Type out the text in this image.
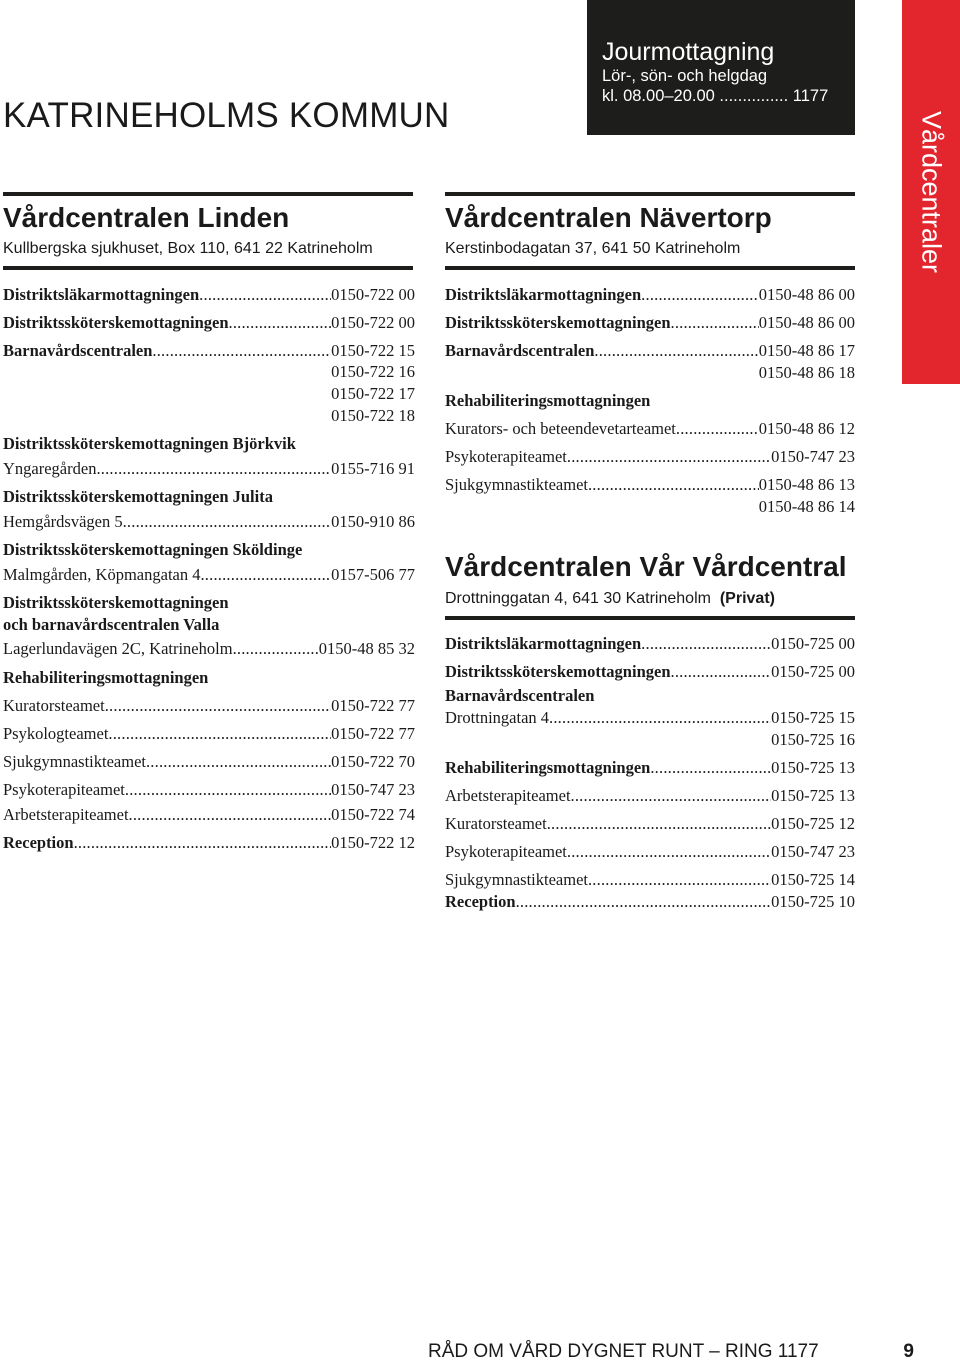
KATRINEHOLMS KOMMUN
Jourmottagning
Lör-, sön- och helgdag
kl. 08.00–20.00 ............... 1177
Vårdcentraler
Vårdcentralen Linden
Kullbergska sjukhuset, Box 110, 641 22 Katrineholm
Distriktsläkarmottagningen .....	0150-722 00
Distriktssköterskemottagningen .....	0150-722 00
Barnavårdscentralen .....	0150-722 15
0150-722 16
0150-722 17
0150-722 18
Distriktssköterskemottagningen Björkvik
Yngaregården .....	0155-716 91
Distriktssköterskemottagningen Julita
Hemgårdsvägen 5 .....	0150-910 86
Distriktssköterskemottagningen Sköldinge
Malmgården, Köpmangatan 4 .....	0157-506 77
Distriktssköterskemottagningen
och barnavårdscentralen Valla
Lagerlundavägen 2C, Katrineholm .....	0150-48 85 32
Rehabiliteringsmottagningen
Kuratorsteamet .....	0150-722 77
Psykologteamet .....	0150-722 77
Sjukgymnastikteamet .....	0150-722 70
Psykoterapiteamet .....	0150-747 23
Arbetsterapiteamet .....	0150-722 74
Reception .....	0150-722 12
Vårdcentralen Nävertorp
Kerstinbodagatan 37, 641 50 Katrineholm
Distriktsläkarmottagningen .....	0150-48 86 00
Distriktssköterskemottagningen .....	0150-48 86 00
Barnavårdscentralen .....	0150-48 86 17
0150-48 86 18
Rehabiliteringsmottagningen
Kurators- och beteendevetarteamet .....	0150-48 86 12
Psykoterapiteamet .....	0150-747 23
Sjukgymnastikteamet .....	0150-48 86 13
0150-48 86 14
Vårdcentralen Vår Vårdcentral
Drottninggatan 4, 641 30 Katrineholm (Privat)
Distriktsläkarmottagningen .....	0150-725 00
Distriktssköterskemottagningen .....	0150-725 00
Barnavårdscentralen
Drottningatan 4 .....	0150-725 15
0150-725 16
Rehabiliteringsmottagningen .....	0150-725 13
Arbetsterapiteamet .....	0150-725 13
Kuratorsteamet .....	0150-725 12
Psykoterapiteamet .....	0150-747 23
Sjukgymnastikteamet .....	0150-725 14
Reception .....	0150-725 10
RÅD OM VÅRD DYGNET RUNT – RING 1177	9
